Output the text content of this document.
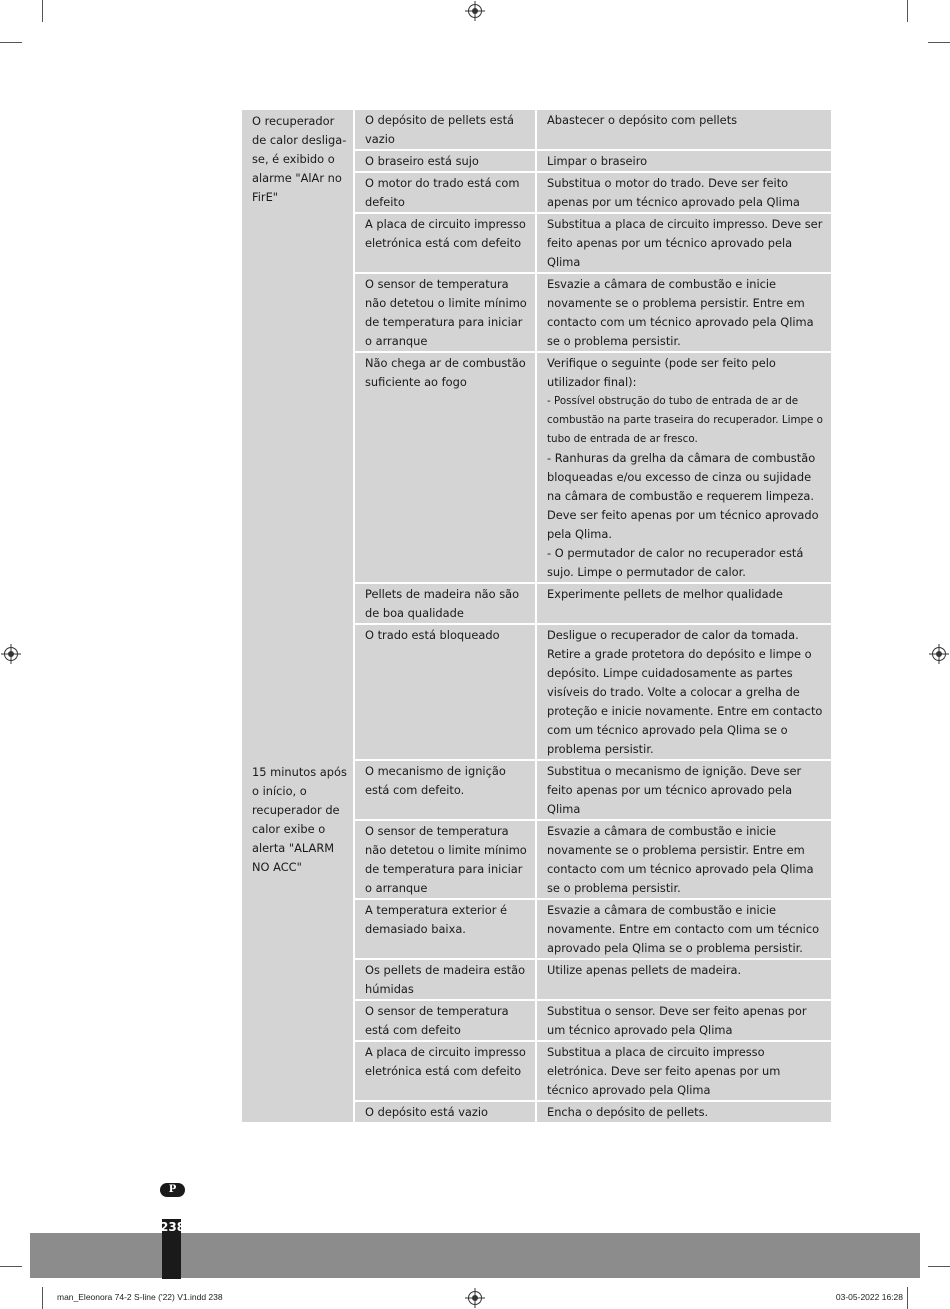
O recuperador de calor desliga-se, é exibido o alarme "AlAr no FirE"	O depósito de pellets está vazio	Abastecer o depósito com pellets

	O braseiro está sujo	Limpar o braseiro

	O motor do trado está com defeito	Substitua o motor do trado. Deve ser feito apenas por um técnico aprovado pela Qlima

	A placa de circuito impresso eletrónica está com defeito	Substitua a placa de circuito impresso. Deve ser feito apenas por um técnico aprovado pela Qlima

	O sensor de temperatura não detetou o limite mínimo de temperatura para iniciar o arranque	Esvazie a câmara de combustão e inicie novamente se o problema persistir. Entre em contacto com um técnico aprovado pela Qlima se o problema persistir.

	Não chega ar de combustão suficiente ao fogo	Verifique o seguinte (pode ser feito pelo utilizador final):
- Possível obstrução do tubo de entrada de ar de combustão na parte traseira do recuperador. Limpe o tubo de entrada de ar fresco.
- Ranhuras da grelha da câmara de combustão bloqueadas e/ou excesso de cinza ou sujidade na câmara de combustão e requerem limpeza. Deve ser feito apenas por um técnico aprovado pela Qlima.
- O permutador de calor no recuperador está sujo. Limpe o permutador de calor.

	Pellets de madeira não são de boa qualidade	Experimente pellets de melhor qualidade

	O trado está bloqueado	Desligue o recuperador de calor da tomada. Retire a grade protetora do depósito e limpe o depósito. Limpe cuidadosamente as partes visíveis do trado. Volte a colocar a grelha de proteção e inicie novamente. Entre em contacto com um técnico aprovado pela Qlima se o problema persistir.

15 minutos após o início, o recuperador de calor exibe o alerta "ALARM NO ACC"	O mecanismo de ignição está com defeito.	Substitua o mecanismo de ignição. Deve ser feito apenas por um técnico aprovado pela Qlima

	O sensor de temperatura não detetou o limite mínimo de temperatura para iniciar o arranque	Esvazie a câmara de combustão e inicie novamente se o problema persistir. Entre em contacto com um técnico aprovado pela Qlima se o problema persistir.

	A temperatura exterior é demasiado baixa.	Esvazie a câmara de combustão e inicie novamente. Entre em contacto com um técnico aprovado pela Qlima se o problema persistir.

	Os pellets de madeira estão húmidas	Utilize apenas pellets de madeira.

	O sensor de temperatura está com defeito	Substitua o sensor. Deve ser feito apenas por um técnico aprovado pela Qlima

	A placa de circuito impresso eletrónica está com defeito	Substitua a placa de circuito impresso eletrónica. Deve ser feito apenas por um técnico aprovado pela Qlima

	O depósito está vazio	Encha o depósito de pellets.
P
238
man_Eleonora 74-2 S-line ('22) V1.indd 238	03-05-2022 16:28
